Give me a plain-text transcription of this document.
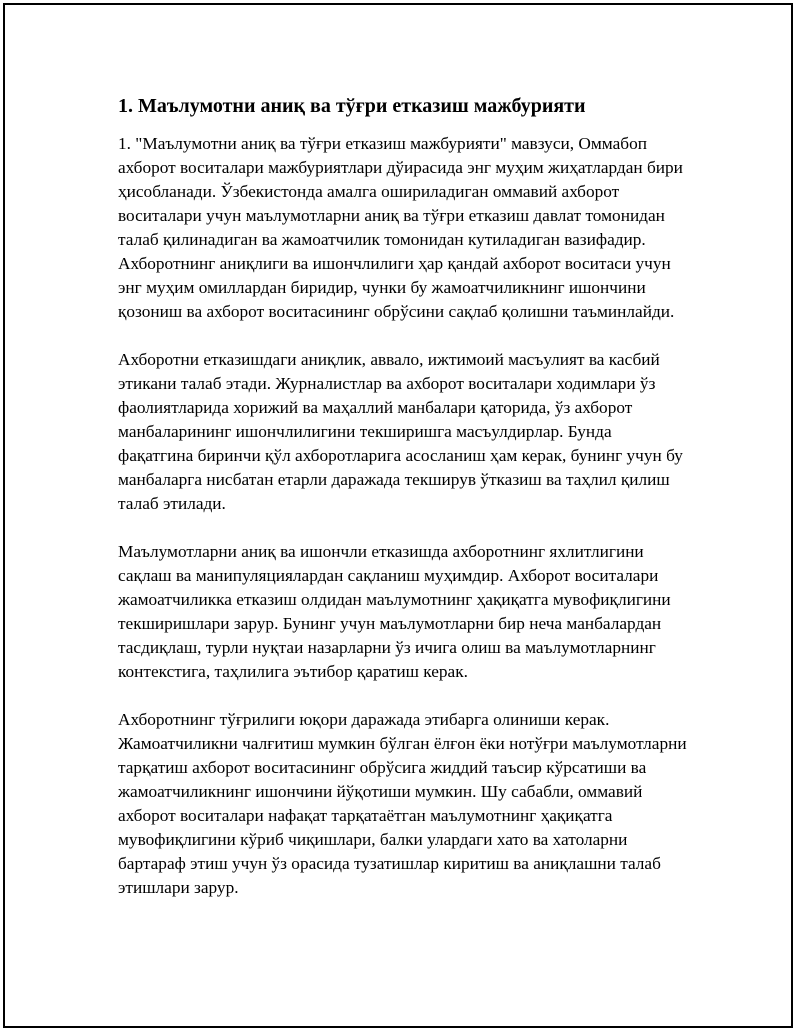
1. Маълумотни аниқ ва тўғри етказиш мажбурияти

1. "Маълумотни аниқ ва тўғри етказиш мажбурияти" мавзуси, Оммабоп ахборот воситалари мажбуриятлари дўирасида энг муҳим жиҳатлардан бири ҳисобланади. Ўзбекистонда амалга ошириладиган оммавий ахборот воситалари учун маълумотларни аниқ ва тўғри етказиш давлат томонидан талаб қилинадиган ва жамоатчилик томонидан кутиладиган вазифадир. Ахборотнинг аниқлиги ва ишончлилиги ҳар қандай ахборот воситаси учун энг муҳим омиллардан биридир, чунки бу жамоатчиликнинг ишончини қозониш ва ахборот воситасининг обрўсини сақлаб қолишни таъминлайди.

Ахборотни етказишдаги аниқлик, аввало, ижтимоий масъулият ва касбий этикани талаб этади. Журналистлар ва ахборот воситалари ходимлари ўз фаолиятларида хорижий ва маҳаллий манбалари қаторида, ўз ахборот манбаларининг ишончлилигини текширишга масъулдирлар. Бунда фақатгина биринчи қўл ахборотларига асосланиш ҳам керак, бунинг учун бу манбаларга нисбатан етарли даражада текширув ўтказиш ва таҳлил қилиш талаб этилади.

Маълумотларни аниқ ва ишончли етказишда ахборотнинг яхлитлигини сақлаш ва манипуляциялардан сақланиш муҳимдир. Ахборот воситалари жамоатчиликка етказиш олдидан маълумотнинг ҳақиқатга мувофиқлигини текширишлари зарур. Бунинг учун маълумотларни бир неча манбалардан тасдиқлаш, турли нуқтаи назарларни ўз ичига олиш ва маълумотларнинг контекстига, таҳлилига эътибор қаратиш керак.

Ахборотнинг тўғрилиги юқори даражада этибарга олиниши керак. Жамоатчиликни чалғитиш мумкин бўлган ёлғон ёки нотўғри маълумотларни тарқатиш ахборот воситасининг обрўсига жиддий таъсир кўрсатиши ва жамоатчиликнинг ишончини йўқотиши мумкин. Шу сабабли, оммавий ахборот воситалари нафақат тарқатаётган маълумотнинг ҳақиқатга мувофиқлигини кўриб чиқишлари, балки улардаги хато ва хатоларни бартараф этиш учун ўз орасида тузатишлар киритиш ва аниқлашни талаб этишлари зарур.
